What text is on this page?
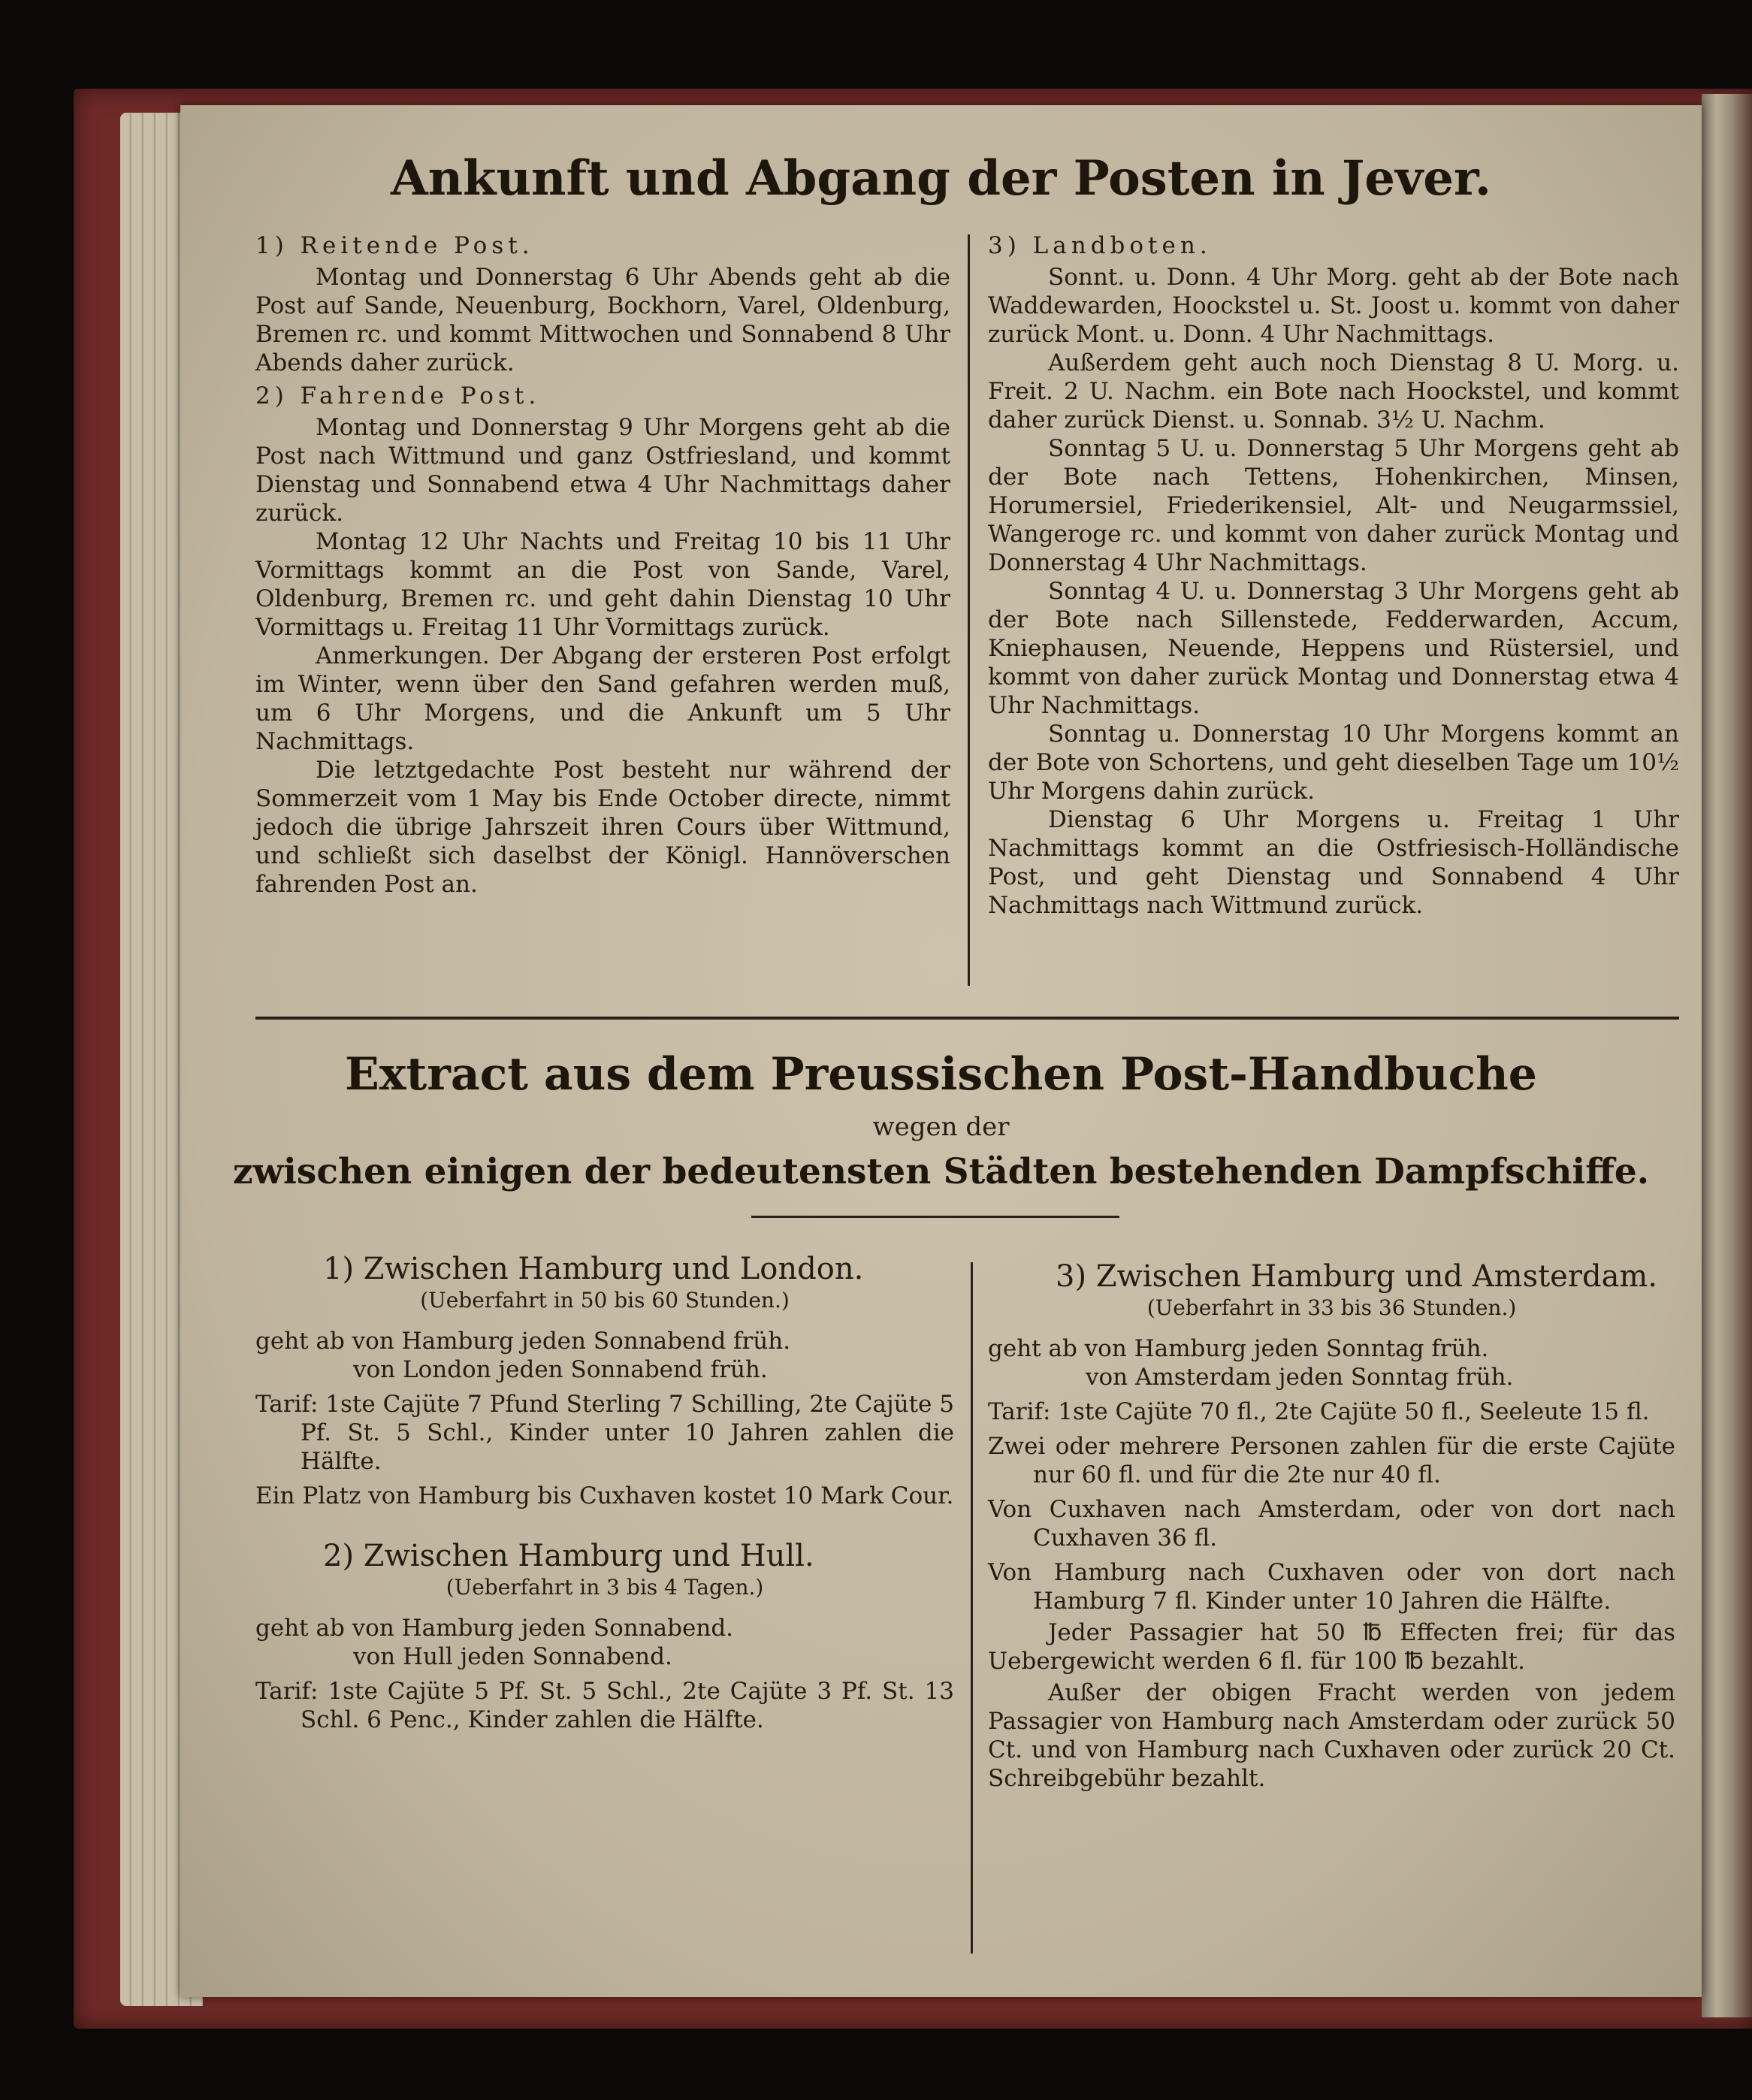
Ankunft und Abgang der Posten in Jever.

1) Reitende Post.

Montag und Donnerstag 6 Uhr Abends geht ab die Post auf Sande, Neuenburg, Bockhorn, Varel, Oldenburg, Bremen rc. und kommt Mittwochen und Sonnabend 8 Uhr Abends daher zurück.

2) Fahrende Post.

Montag und Donnerstag 9 Uhr Morgens geht ab die Post nach Wittmund und ganz Ostfriesland, und kommt Dienstag und Sonnabend etwa 4 Uhr Nachmittags daher zurück.

Montag 12 Uhr Nachts und Freitag 10 bis 11 Uhr Vormittags kommt an die Post von Sande, Varel, Oldenburg, Bremen rc. und geht dahin Dienstag 10 Uhr Vormittags u. Freitag 11 Uhr Vormittags zurück.

Anmerkungen. Der Abgang der ersteren Post erfolgt im Winter, wenn über den Sand gefahren werden muß, um 6 Uhr Morgens, und die Ankunft um 5 Uhr Nachmittags.

Die letztgedachte Post besteht nur während der Sommerzeit vom 1 May bis Ende October directe, nimmt jedoch die übrige Jahrszeit ihren Cours über Wittmund, und schließt sich daselbst der Königl. Hannöverschen fahrenden Post an.

3) Landboten.

Sonnt. u. Donn. 4 Uhr Morg. geht ab der Bote nach Waddewarden, Hoockstel u. St. Joost u. kommt von daher zurück Mont. u. Donn. 4 Uhr Nachmittags.

Außerdem geht auch noch Dienstag 8 U. Morg. u. Freit. 2 U. Nachm. ein Bote nach Hoockstel, und kommt daher zurück Dienst. u. Sonnab. 3½ U. Nachm.

Sonntag 5 U. u. Donnerstag 5 Uhr Morgens geht ab der Bote nach Tettens, Hohenkirchen, Minsen, Horumersiel, Friederikensiel, Alt- und Neugarmssiel, Wangeroge rc. und kommt von daher zurück Montag und Donnerstag 4 Uhr Nachmittags.

Sonntag 4 U. u. Donnerstag 3 Uhr Morgens geht ab der Bote nach Sillenstede, Fedderwarden, Accum, Kniephausen, Neuende, Heppens und Rüstersiel, und kommt von daher zurück Montag und Donnerstag etwa 4 Uhr Nachmittags.

Sonntag u. Donnerstag 10 Uhr Morgens kommt an der Bote von Schortens, und geht dieselben Tage um 10½ Uhr Morgens dahin zurück.

Dienstag 6 Uhr Morgens u. Freitag 1 Uhr Nachmittags kommt an die Ostfriesisch-Holländische Post, und geht Dienstag und Sonnabend 4 Uhr Nachmittags nach Wittmund zurück.

Extract aus dem Preussischen Post-Handbuche
wegen der
zwischen einigen der bedeutensten Städten bestehenden Dampfschiffe.

1) Zwischen Hamburg und London.

(Ueberfahrt in 50 bis 60 Stunden.)

geht ab von Hamburg jeden Sonnabend früh.

von London jeden Sonnabend früh.

Tarif: 1ste Cajüte 7 Pfund Sterling 7 Schilling, 2te Cajüte 5 Pf. St. 5 Schl., Kinder unter 10 Jahren zahlen die Hälfte.

Ein Platz von Hamburg bis Cuxhaven kostet 10 Mark Cour.

2) Zwischen Hamburg und Hull.

(Ueberfahrt in 3 bis 4 Tagen.)

geht ab von Hamburg jeden Sonnabend.

von Hull jeden Sonnabend.

Tarif: 1ste Cajüte 5 Pf. St. 5 Schl., 2te Cajüte 3 Pf. St. 13 Schl. 6 Penc., Kinder zahlen die Hälfte.

3) Zwischen Hamburg und Amsterdam.

(Ueberfahrt in 33 bis 36 Stunden.)

geht ab von Hamburg jeden Sonntag früh.

von Amsterdam jeden Sonntag früh.

Tarif: 1ste Cajüte 70 fl., 2te Cajüte 50 fl., Seeleute 15 fl.

Zwei oder mehrere Personen zahlen für die erste Cajüte nur 60 fl. und für die 2te nur 40 fl.

Von Cuxhaven nach Amsterdam, oder von dort nach Cuxhaven 36 fl.

Von Hamburg nach Cuxhaven oder von dort nach Hamburg 7 fl. Kinder unter 10 Jahren die Hälfte.

Jeder Passagier hat 50 ℔ Effecten frei; für das Uebergewicht werden 6 fl. für 100 ℔ bezahlt.

Außer der obigen Fracht werden von jedem Passagier von Hamburg nach Amsterdam oder zurück 50 Ct. und von Hamburg nach Cuxhaven oder zurück 20 Ct. Schreibgebühr bezahlt.
